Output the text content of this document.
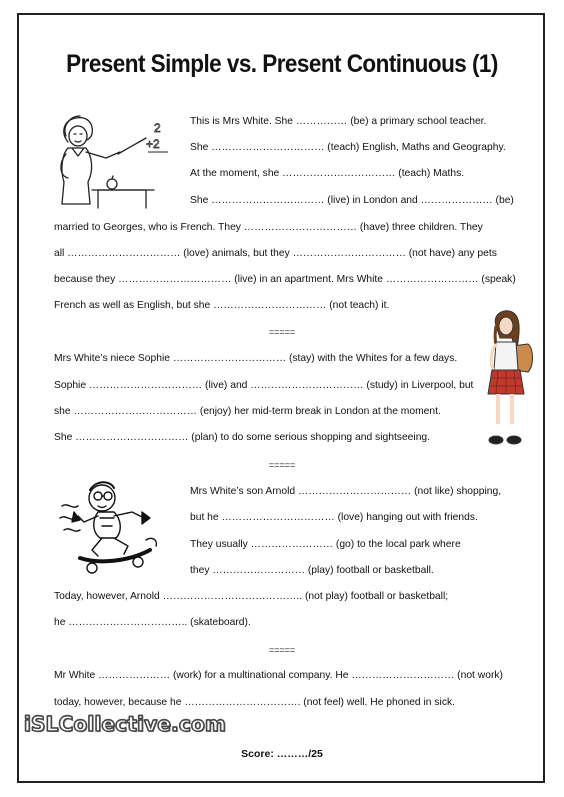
Present Simple vs. Present Continuous (1)
2
+2
This is Mrs White. She …………… (be) a primary school teacher.
She …………………………… (teach) English, Maths and Geography.
At the moment, she …………………………… (teach) Maths.
She …………………………… (live) in London and ………………… (be)
married to Georges, who is French. They …………………………… (have) three children. They
all …………………………… (love) animals, but they …………………………… (not have) any pets
because they …………………………… (live) in an apartment. Mrs White ……………………… (speak)
French as well as English, but she …………………………… (not teach) it.
=====
Mrs White’s niece Sophie …………………………… (stay) with the Whites for a few days.
Sophie …………………………… (live) and …………………………… (study) in Liverpool, but
she ……………………………… (enjoy) her mid-term break in London at the moment.
She …………………………… (plan) to do some serious shopping and sightseeing.
=====
Mrs White’s son Arnold …………………………… (not like) shopping,
but he …………………………… (love) hanging out with friends.
They usually …………………… (go) to the local park where
they ……………………… (play) football or basketball.
Today, however, Arnold ………………………………….. (not play) football or basketball;
he …………………………….. (skateboard).
=====
Mr White ………………… (work) for a multinational company. He ………………………… (not work)
today, however, because he ……………………………. (not feel) well. He phoned in sick.
iSLCollective.com
Score: ………/25
